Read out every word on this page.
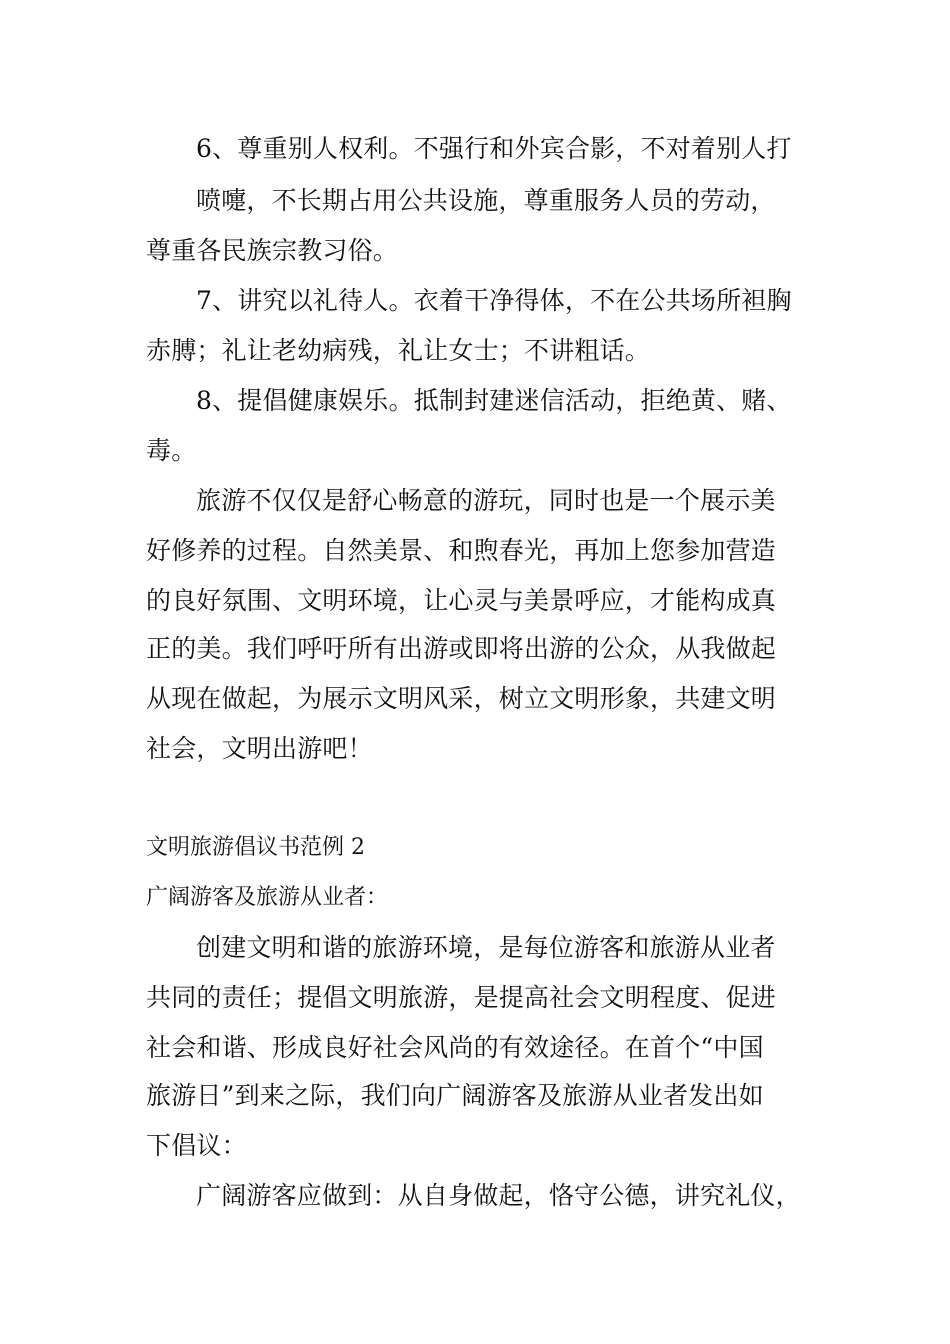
6、尊重别人权利。不强行和外宾合影，不对着别人打
喷嚏，不长期占用公共设施，尊重服务人员的劳动，
尊重各民族宗教习俗。
7、讲究以礼待人。衣着干净得体，不在公共场所袒胸
赤膊；礼让老幼病残，礼让女士；不讲粗话。
8、提倡健康娱乐。抵制封建迷信活动，拒绝黄、赌、
毒。
旅游不仅仅是舒心畅意的游玩，同时也是一个展示美
好修养的过程。自然美景、和煦春光，再加上您参加营造
的良好氛围、文明环境，让心灵与美景呼应，才能构成真
正的美。我们呼吁所有出游或即将出游的公众，从我做起
从现在做起，为展示文明风采，树立文明形象，共建文明
社会，文明出游吧！
文明旅游倡议书范例 2
广阔游客及旅游从业者：
创建文明和谐的旅游环境，是每位游客和旅游从业者
共同的责任；提倡文明旅游，是提高社会文明程度、促进
社会和谐、形成良好社会风尚的有效途径。在首个“中国
旅游日”到来之际，我们向广阔游客及旅游从业者发出如
下倡议：
广阔游客应做到：从自身做起，恪守公德，讲究礼仪，
